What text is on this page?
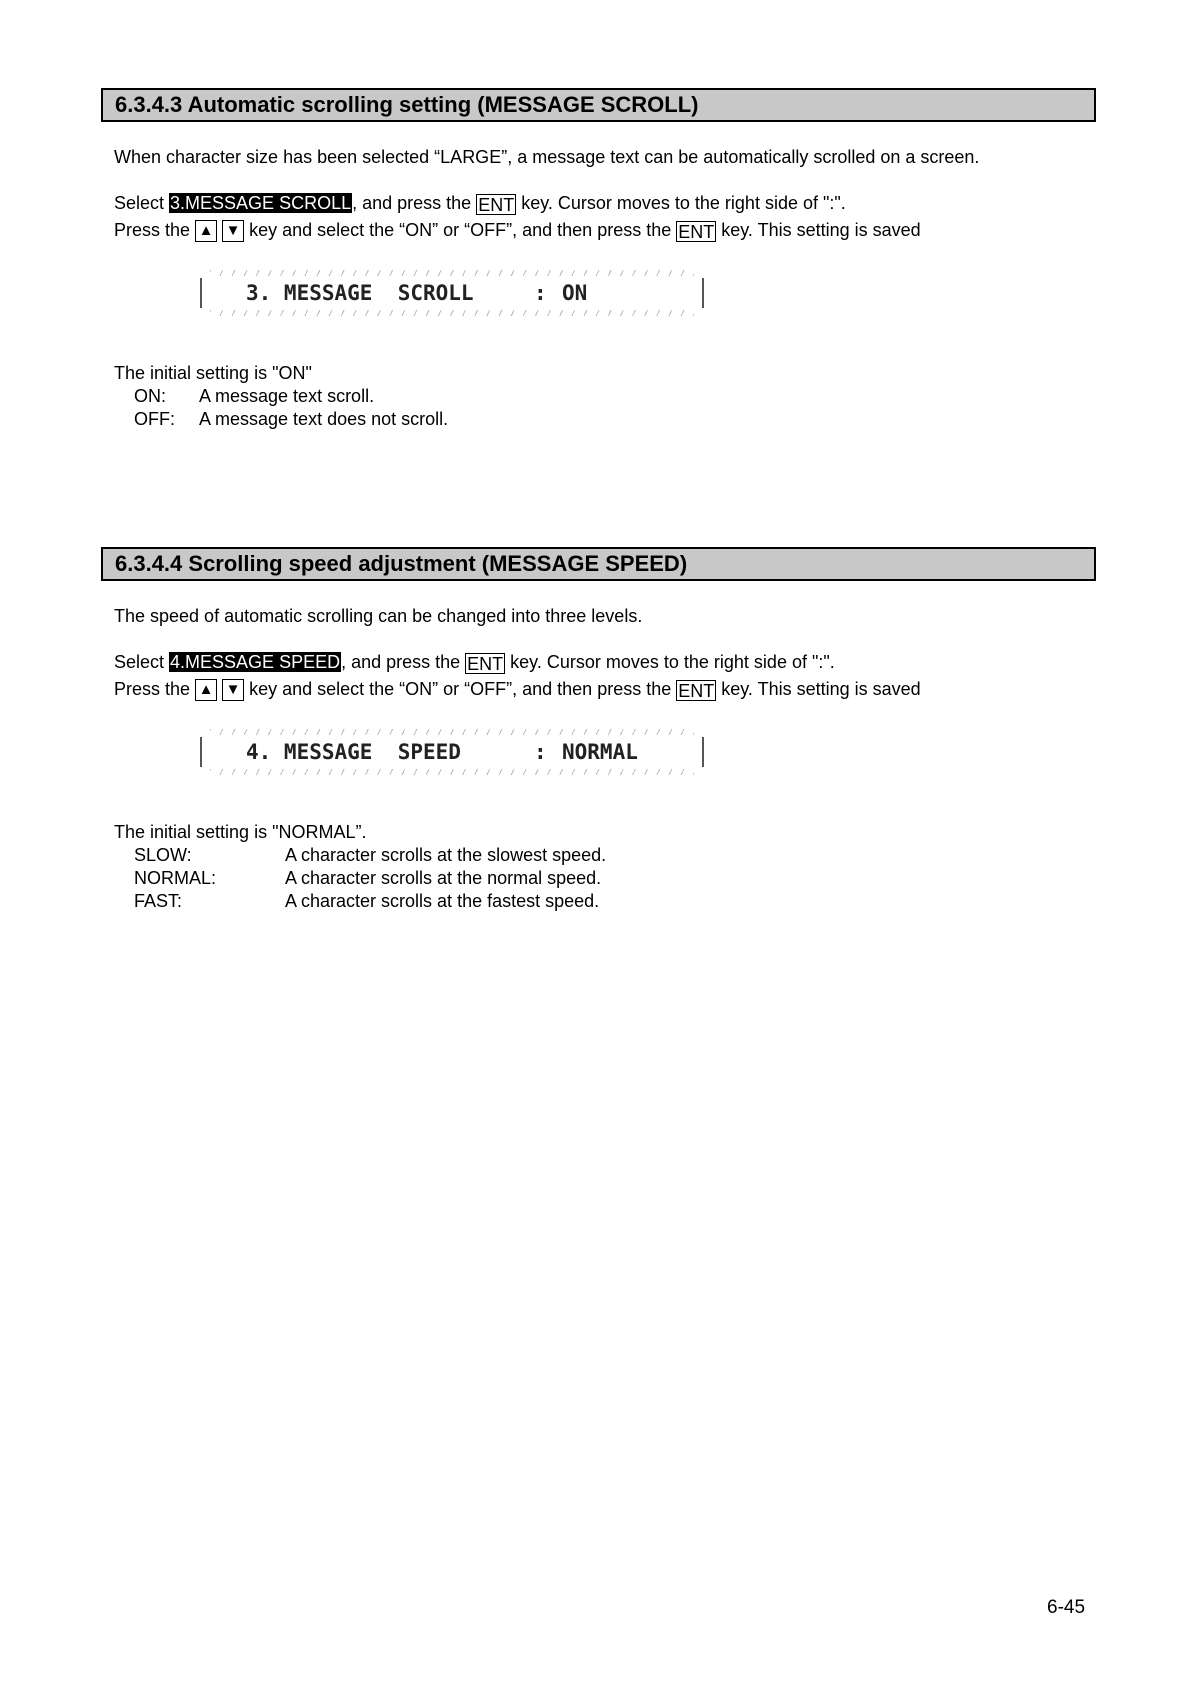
6.3.4.3 Automatic scrolling setting (MESSAGE SCROLL)
When character size has been selected “LARGE”, a message text can be automatically scrolled on a screen.
Select 3.MESSAGE SCROLL, and press the ENT key. Cursor moves to the right side of ":".
Press the ▲ ▼ key and select the “ON” or “OFF”, and then press the ENT key. This setting is saved
3. MESSAGE  SCROLL	: ON
The initial setting is "ON"
ON: A message text scroll.
OFF: A message text does not scroll.
6.3.4.4 Scrolling speed adjustment (MESSAGE SPEED)
The speed of automatic scrolling can be changed into three levels.
Select 4.MESSAGE SPEED, and press the ENT key. Cursor moves to the right side of ":".
Press the ▲ ▼ key and select the “ON” or “OFF”, and then press the ENT key. This setting is saved
4. MESSAGE  SPEED	: NORMAL
The initial setting is "NORMAL”.
SLOW:	A character scrolls at the slowest speed.
NORMAL:	A character scrolls at the normal speed.
FAST:	A character scrolls at the fastest speed.
6-45
